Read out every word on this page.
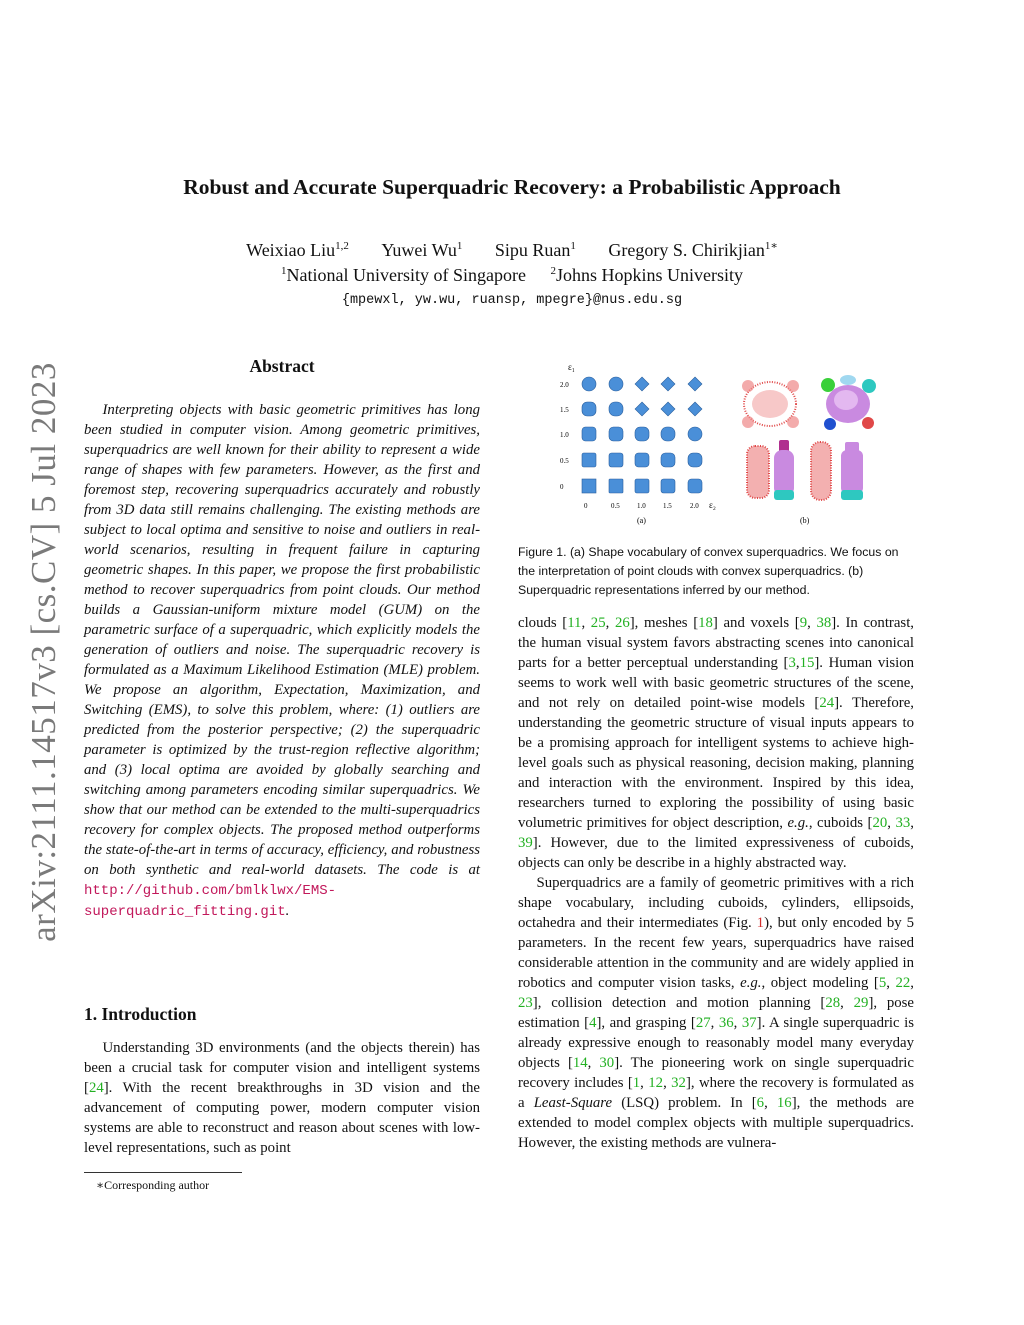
arXiv:2111.14517v3 [cs.CV] 5 Jul 2023
Robust and Accurate Superquadric Recovery: a Probabilistic Approach
Weixiao Liu$^{1,2}$ Yuwei Wu$^1$ Sipu Ruan$^1$ Gregory S. Chirikjian$^{1∗}$
$^1$National University of Singapore $^2$Johns Hopkins University
{mpewxl, yw.wu, ruansp, mpegre}@nus.edu.sg
Abstract

Interpreting objects with basic geometric primitives has long been studied in computer vision. Among geometric primitives, superquadrics are well known for their ability to represent a wide range of shapes with few parameters. However, as the first and foremost step, recovering superquadrics accurately and robustly from 3D data still remains challenging. The existing methods are subject to local optima and sensitive to noise and outliers in real-world scenarios, resulting in frequent failure in capturing geometric shapes. In this paper, we propose the first probabilistic method to recover superquadrics from point clouds. Our method builds a Gaussian-uniform mixture model (GUM) on the parametric surface of a superquadric, which explicitly models the generation of outliers and noise. The superquadric recovery is formulated as a Maximum Likelihood Estimation (MLE) problem. We propose an algorithm, Expectation, Maximization, and Switching (EMS), to solve this problem, where: (1) outliers are predicted from the posterior perspective; (2) the superquadric parameter is optimized by the trust-region reflective algorithm; and (3) local optima are avoided by globally searching and switching among parameters encoding similar superquadrics. We show that our method can be extended to the multi-superquadrics recovery for complex objects. The proposed method outperforms the state-of-the-art in terms of accuracy, efficiency, and robustness on both synthetic and real-world datasets. The code is at http://github.com/bmlklwx/EMS-superquadric_fitting.git.

1. Introduction

Understanding 3D environments (and the objects therein) has been a crucial task for computer vision and intelligent systems [24]. With the recent breakthroughs in 3D vision and the advancement of computing power, modern computer vision systems are able to reconstruct and reason about scenes with low-level representations, such as point

∗Corresponding author
ε₁
2.0
1.5
1.0
0.5
0
0	0.5 1.0 1.5	2.0 ε₂
(a)	(b)
Figure 1. (a) Shape vocabulary of convex superquadrics. We focus on the interpretation of point clouds with convex superquadrics. (b) Superquadric representations inferred by our method.

clouds [11, 25, 26], meshes [18] and voxels [9, 38]. In contrast, the human visual system favors abstracting scenes into canonical parts for a better perceptual understanding [3,15]. Human vision seems to work well with basic geometric structures of the scene, and not rely on detailed point-wise models [24]. Therefore, understanding the geometric structure of visual inputs appears to be a promising approach for intelligent systems to achieve high-level goals such as physical reasoning, decision making, planning and interaction with the environment. Inspired by this idea, researchers turned to exploring the possibility of using basic volumetric primitives for object description, e.g., cuboids [20, 33, 39]. However, due to the limited expressiveness of cuboids, objects can only be describe in a highly abstracted way.

Superquadrics are a family of geometric primitives with a rich shape vocabulary, including cuboids, cylinders, ellipsoids, octahedra and their intermediates (Fig. 1), but only encoded by 5 parameters. In the recent few years, superquadrics have raised considerable attention in the community and are widely applied in robotics and computer vision tasks, e.g., object modeling [5, 22, 23], collision detection and motion planning [28, 29], pose estimation [4], and grasping [27, 36, 37]. A single superquadric is already expressive enough to reasonably model many everyday objects [14, 30]. The pioneering work on single superquadric recovery includes [1, 12, 32], where the recovery is formulated as a Least-Square (LSQ) problem. In [6, 16], the methods are extended to model complex objects with multiple superquadrics. However, the existing methods are vulnera-
